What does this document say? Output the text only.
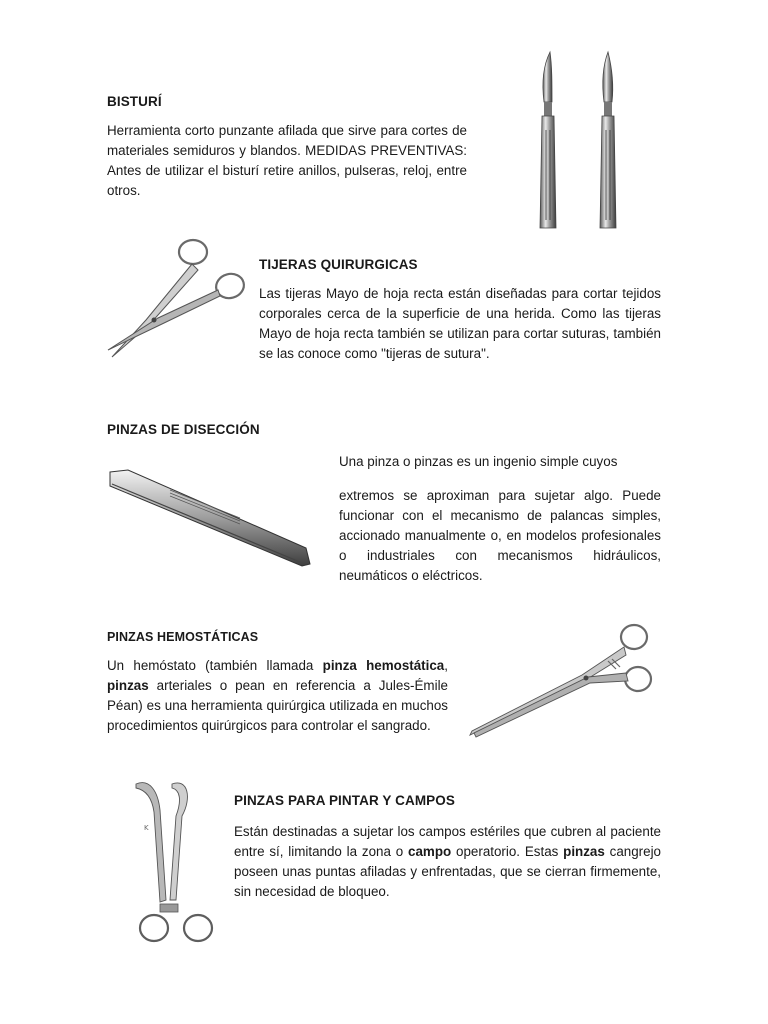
BISTURÍ
Herramienta corto punzante afilada que sirve para cortes de materiales semiduros y blandos. MEDIDAS PREVENTIVAS: Antes de utilizar el bisturí retire anillos, pulseras, reloj, entre otros.
TIJERAS QUIRURGICAS
Las tijeras Mayo de hoja recta están diseñadas para cortar tejidos corporales cerca de la superficie de una herida. Como las tijeras Mayo de hoja recta también se utilizan para cortar suturas, también se las conoce como "tijeras de sutura".
PINZAS DE DISECCIÓN
Una pinza o pinzas es un ingenio simple cuyos
extremos se aproximan para sujetar algo. Puede funcionar con el mecanismo de palancas simples, accionado manualmente o, en modelos profesionales o industriales con mecanismos hidráulicos, neumáticos o eléctricos.
PINZAS HEMOSTÁTICAS
Un hemóstato (también llamada pinza hemostática, pinzas arteriales o pean en referencia a Jules-Émile Péan) es una herramienta quirúrgica utilizada en muchos procedimientos quirúrgicos para controlar el sangrado.
K
PINZAS PARA PINTAR Y CAMPOS
Están destinadas a sujetar los campos estériles que cubren al paciente entre sí, limitando la zona o campo operatorio. Estas pinzas cangrejo poseen unas puntas afiladas y enfrentadas, que se cierran firmemente, sin necesidad de bloqueo.
